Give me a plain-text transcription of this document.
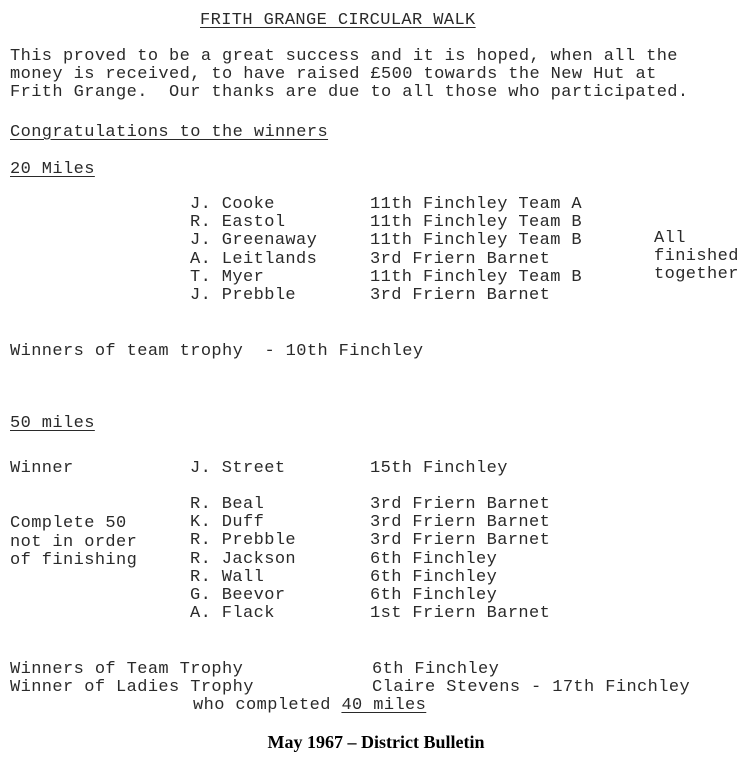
FRITH GRANGE CIRCULAR WALK
This proved to be a great success and it is hoped, when all the
money is received, to have raised £500 towards the New Hut at
Frith Grange.  Our thanks are due to all those who participated.
Congratulations to the winners
20 Miles
J. Cooke	11th Finchley Team A
R. Eastol	11th Finchley Team B
J. Greenaway	11th Finchley Team B
A. Leitlands	3rd Friern Barnet
T. Myer	11th Finchley Team B
J. Prebble	3rd Friern Barnet
All
finished
together
Winners of team trophy  - 10th Finchley
50 miles
Winner	J. Street	15th Finchley
Complete 50
not in order
of finishing
R. Beal	3rd Friern Barnet
K. Duff	3rd Friern Barnet
R. Prebble	3rd Friern Barnet
R. Jackson	6th Finchley
R. Wall	6th Finchley
G. Beevor	6th Finchley
A. Flack	1st Friern Barnet
Winners of Team Trophy	6th Finchley
Winner of Ladies Trophy	Claire Stevens - 17th Finchley
who completed 40 miles
May 1967 – District Bulletin
